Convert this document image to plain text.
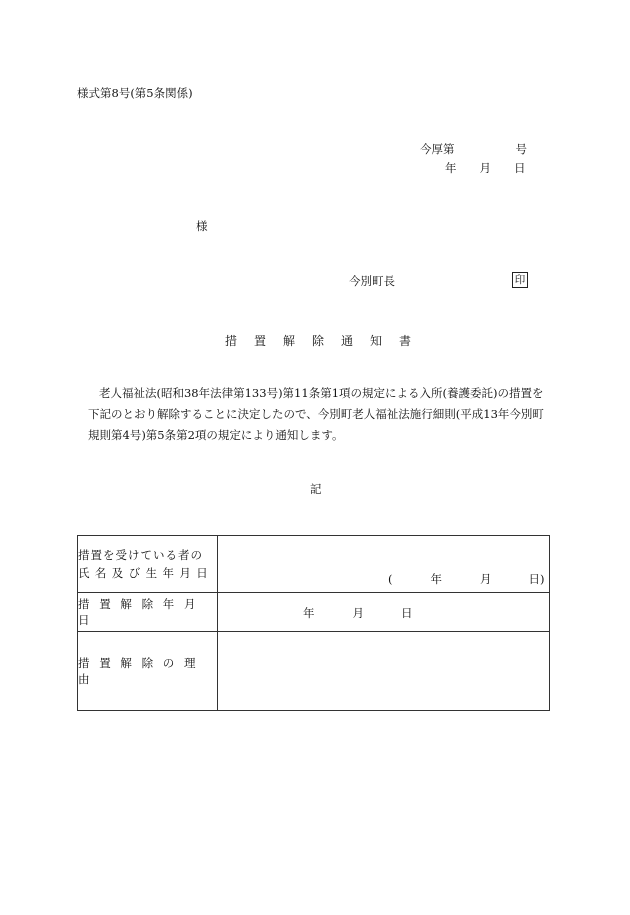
様式第8号(第5条関係)
今厚第	号
年 月 日
様
今別町長	印
措置解除通知書
老人福祉法(昭和38年法律第133号)第11条第1項の規定による入所(養護委託)の措置を下記のとおり解除することに決定したので、今別町老人福祉法施行細則(平成13年今別町規則第4号)第5条第2項の規定により通知します。
記
措置を受けている者の
氏名及び生年月日	( 年 月 日)

措置解除年月日	年 月 日

措置解除の理由	
